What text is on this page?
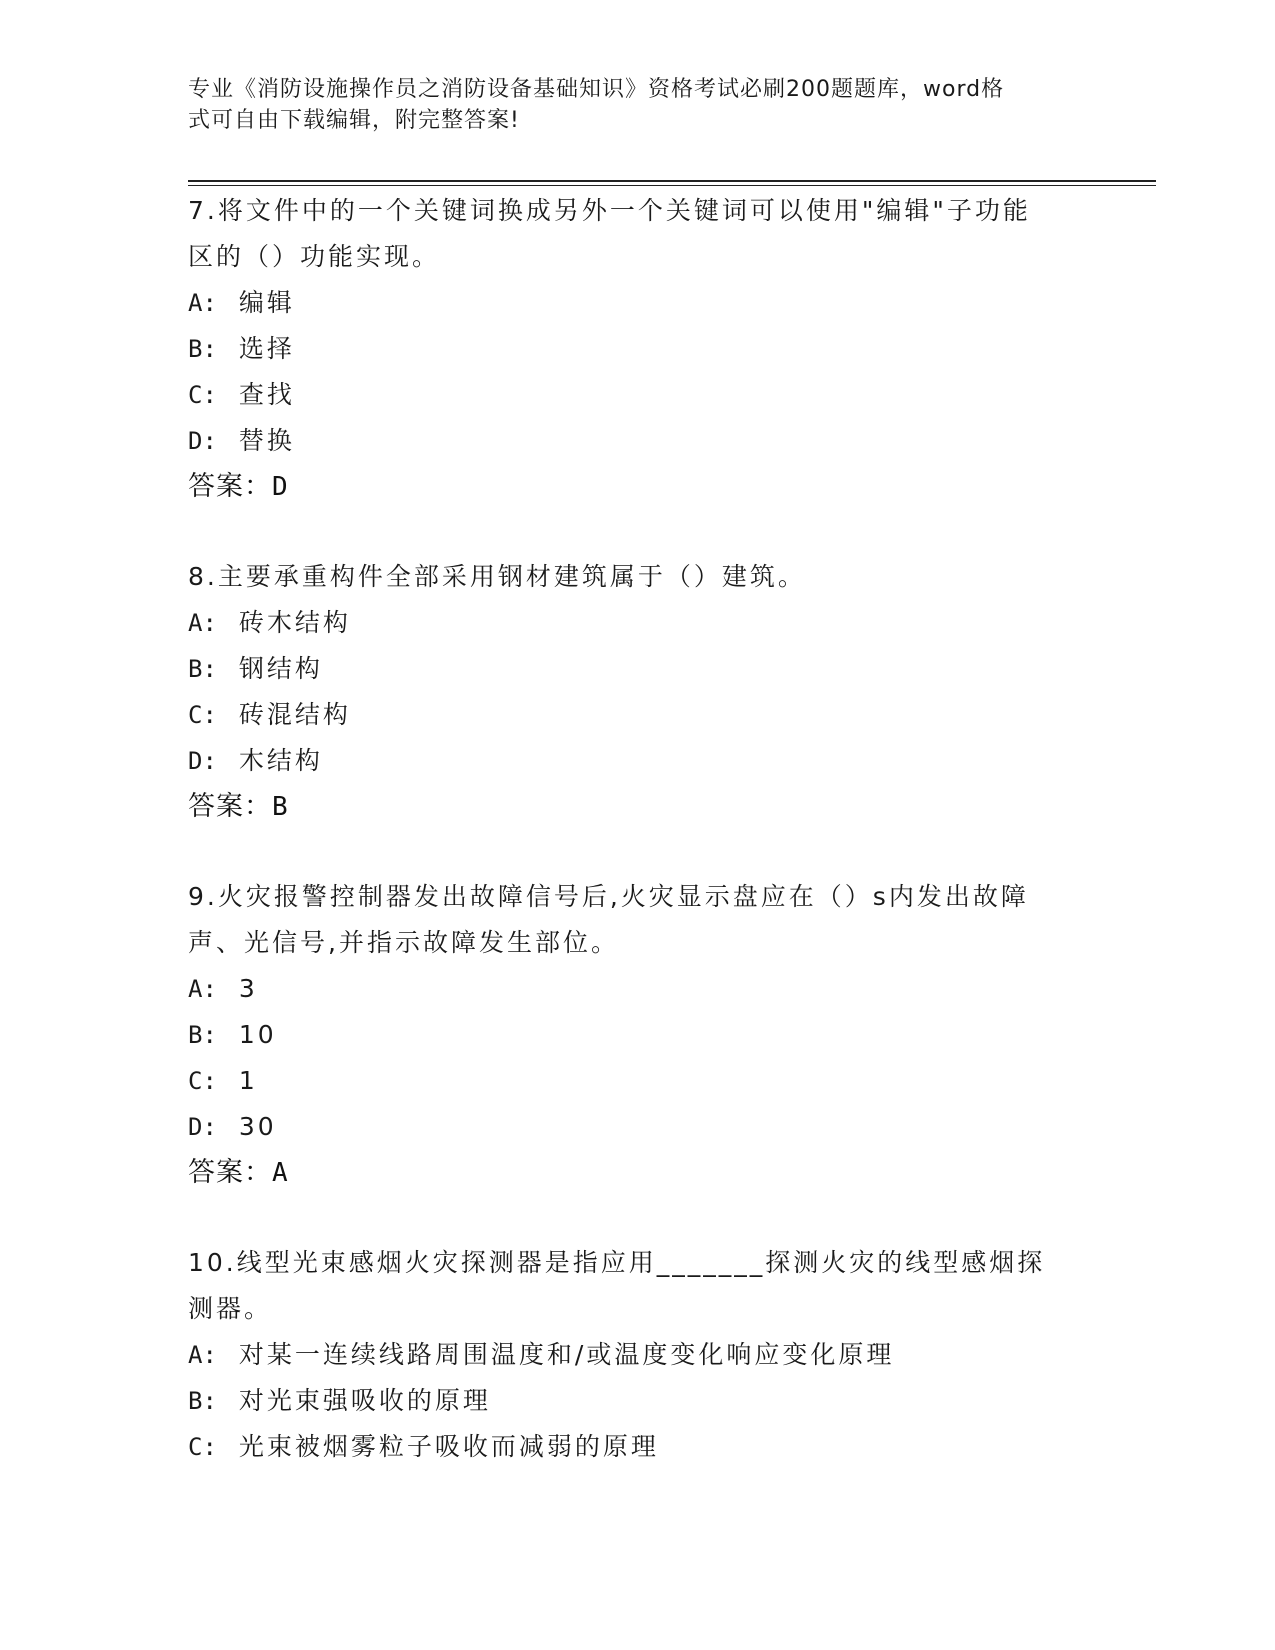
专业《消防设施操作员之消防设备基础知识》资格考试必刷200题题库，word格
式可自由下载编辑，附完整答案!
7.将文件中的一个关键词换成另外一个关键词可以使用"编辑"子功能
区的（）功能实现。
A: 编辑
B: 选择
C: 查找
D: 替换
答案：D
8.主要承重构件全部采用钢材建筑属于（）建筑。
A: 砖木结构
B: 钢结构
C: 砖混结构
D: 木结构
答案：B
9.火灾报警控制器发出故障信号后,火灾显示盘应在（）s内发出故障
声、光信号,并指示故障发生部位。
A: 3
B: 10
C: 1
D: 30
答案：A
10.线型光束感烟火灾探测器是指应用_______探测火灾的线型感烟探
测器。
A: 对某一连续线路周围温度和/或温度变化响应变化原理
B: 对光束强吸收的原理
C: 光束被烟雾粒子吸收而减弱的原理
